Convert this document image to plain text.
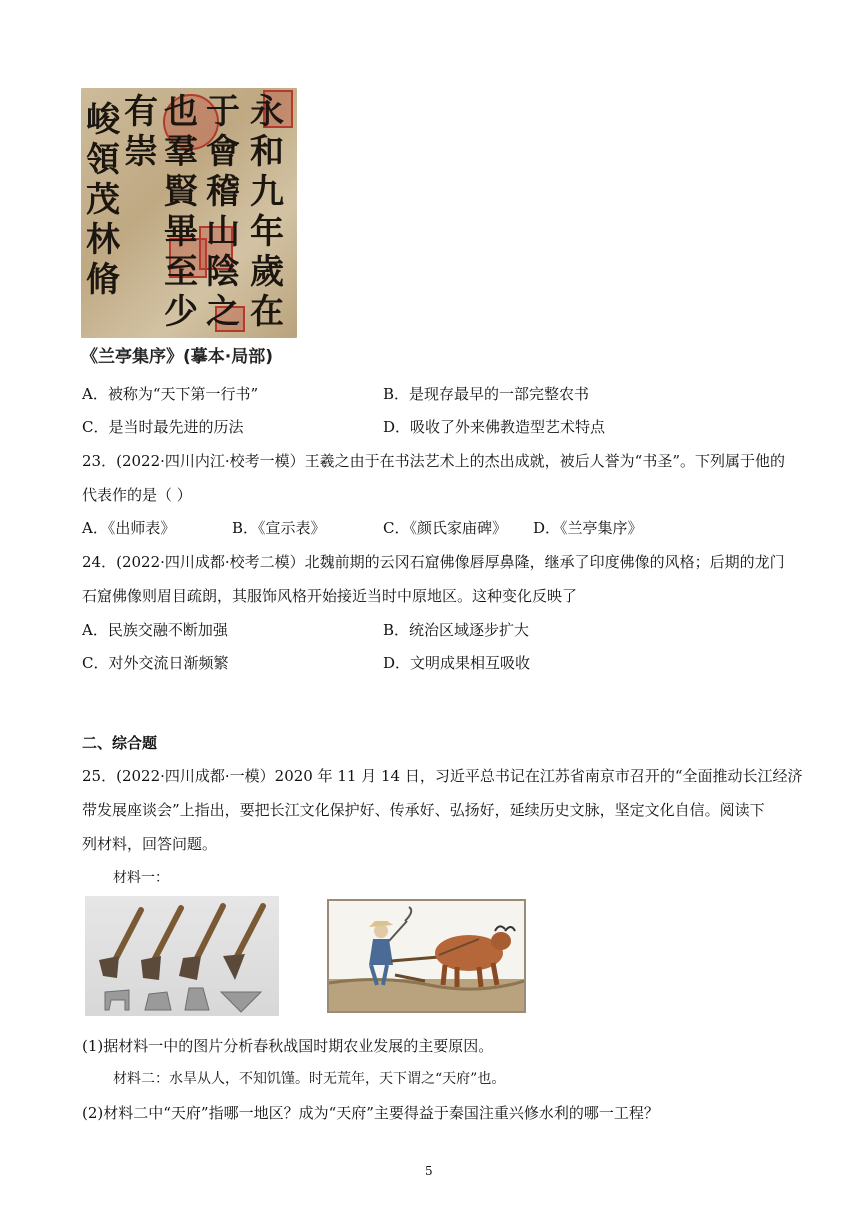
永和九年歲在
于會稽山陰之
也羣賢畢至少
有崇
峻領茂林脩
《兰亭集序》(摹本·局部)
A．被称为“天下第一行书”	B．是现存最早的一部完整农书
C．是当时最先进的历法	D．吸收了外来佛教造型艺术特点
23．(2022·四川内江·校考一模）王羲之由于在书法艺术上的杰出成就，被后人誉为“书圣”。下列属于他的
代表作的是（ ）
A．《出师表》	B．《宣示表》	C．《颜氏家庙碑》 D．《兰亭集序》
24．(2022·四川成都·校考二模）北魏前期的云冈石窟佛像唇厚鼻隆，继承了印度佛像的风格；后期的龙门
石窟佛像则眉目疏朗，其服饰风格开始接近当时中原地区。这种变化反映了
A．民族交融不断加强	B．统治区域逐步扩大
C．对外交流日渐频繁	D．文明成果相互吸收
二、综合题
25．(2022·四川成都·一模）2020 年 11 月 14 日，习近平总书记在江苏省南京市召开的“全面推动长江经济
带发展座谈会”上指出，要把长江文化保护好、传承好、弘扬好，延续历史文脉，坚定文化自信。阅读下
列材料，回答问题。
材料一：
(1)据材料一中的图片分析春秋战国时期农业发展的主要原因。
材料二：水旱从人，不知饥馑。时无荒年，天下谓之“天府”也。
(2)材料二中“天府”指哪一地区？成为“天府”主要得益于秦国注重兴修水利的哪一工程？
5
